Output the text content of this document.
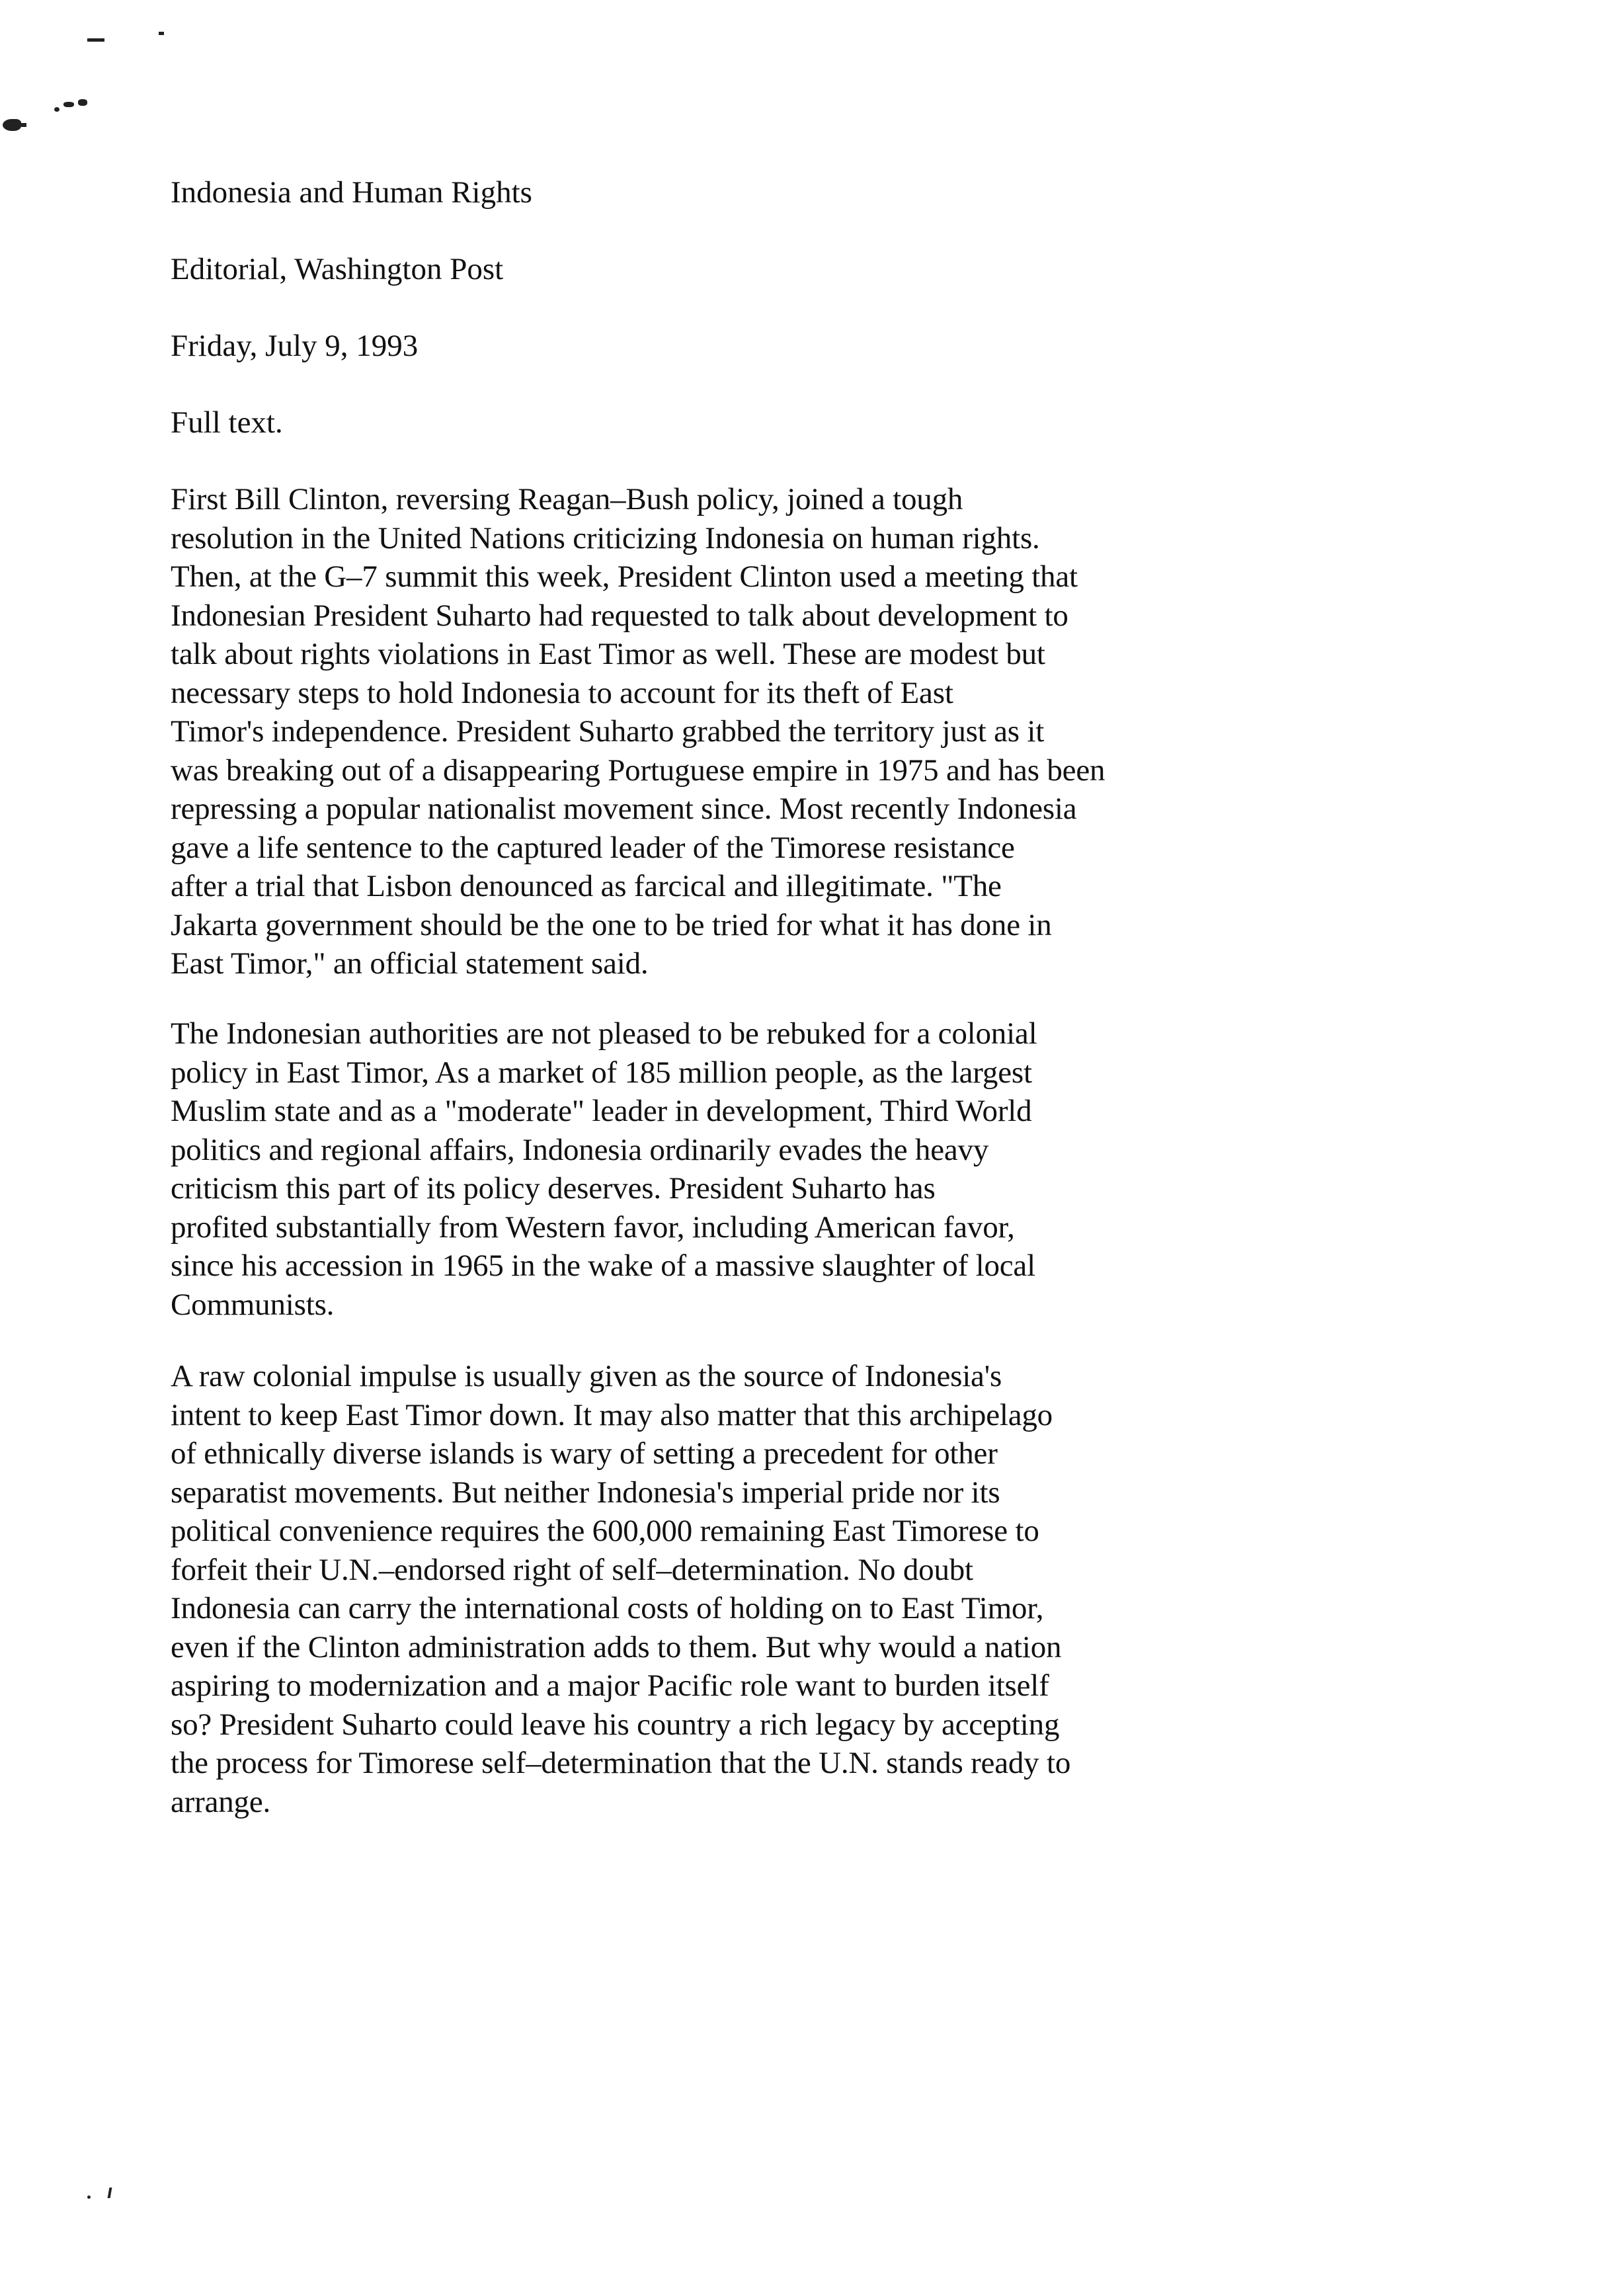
Indonesia and Human Rights
Editorial, Washington Post
Friday, July 9, 1993
Full text.
First Bill Clinton, reversing Reagan–Bush policy, joined a tough
resolution in the United Nations criticizing Indonesia on human rights.
Then, at the G–7 summit this week, President Clinton used a meeting that
Indonesian President Suharto had requested to talk about development to
talk about rights violations in East Timor as well. These are modest but
necessary steps to hold Indonesia to account for its theft of East
Timor's independence. President Suharto grabbed the territory just as it
was breaking out of a disappearing Portuguese empire in 1975 and has been
repressing a popular nationalist movement since. Most recently Indonesia
gave a life sentence to the captured leader of the Timorese resistance
after a trial that Lisbon denounced as farcical and illegitimate. "The
Jakarta government should be the one to be tried for what it has done in
East Timor," an official statement said.
The Indonesian authorities are not pleased to be rebuked for a colonial
policy in East Timor, As a market of 185 million people, as the largest
Muslim state and as a "moderate" leader in development, Third World
politics and regional affairs, Indonesia ordinarily evades the heavy
criticism this part of its policy deserves. President Suharto has
profited substantially from Western favor, including American favor,
since his accession in 1965 in the wake of a massive slaughter of local
Communists.
A raw colonial impulse is usually given as the source of Indonesia's
intent to keep East Timor down. It may also matter that this archipelago
of ethnically diverse islands is wary of setting a precedent for other
separatist movements. But neither Indonesia's imperial pride nor its
political convenience requires the 600,000 remaining East Timorese to
forfeit their U.N.–endorsed right of self–determination. No doubt
Indonesia can carry the international costs of holding on to East Timor,
even if the Clinton administration adds to them. But why would a nation
aspiring to modernization and a major Pacific role want to burden itself
so? President Suharto could leave his country a rich legacy by accepting
the process for Timorese self–determination that the U.N. stands ready to
arrange.
